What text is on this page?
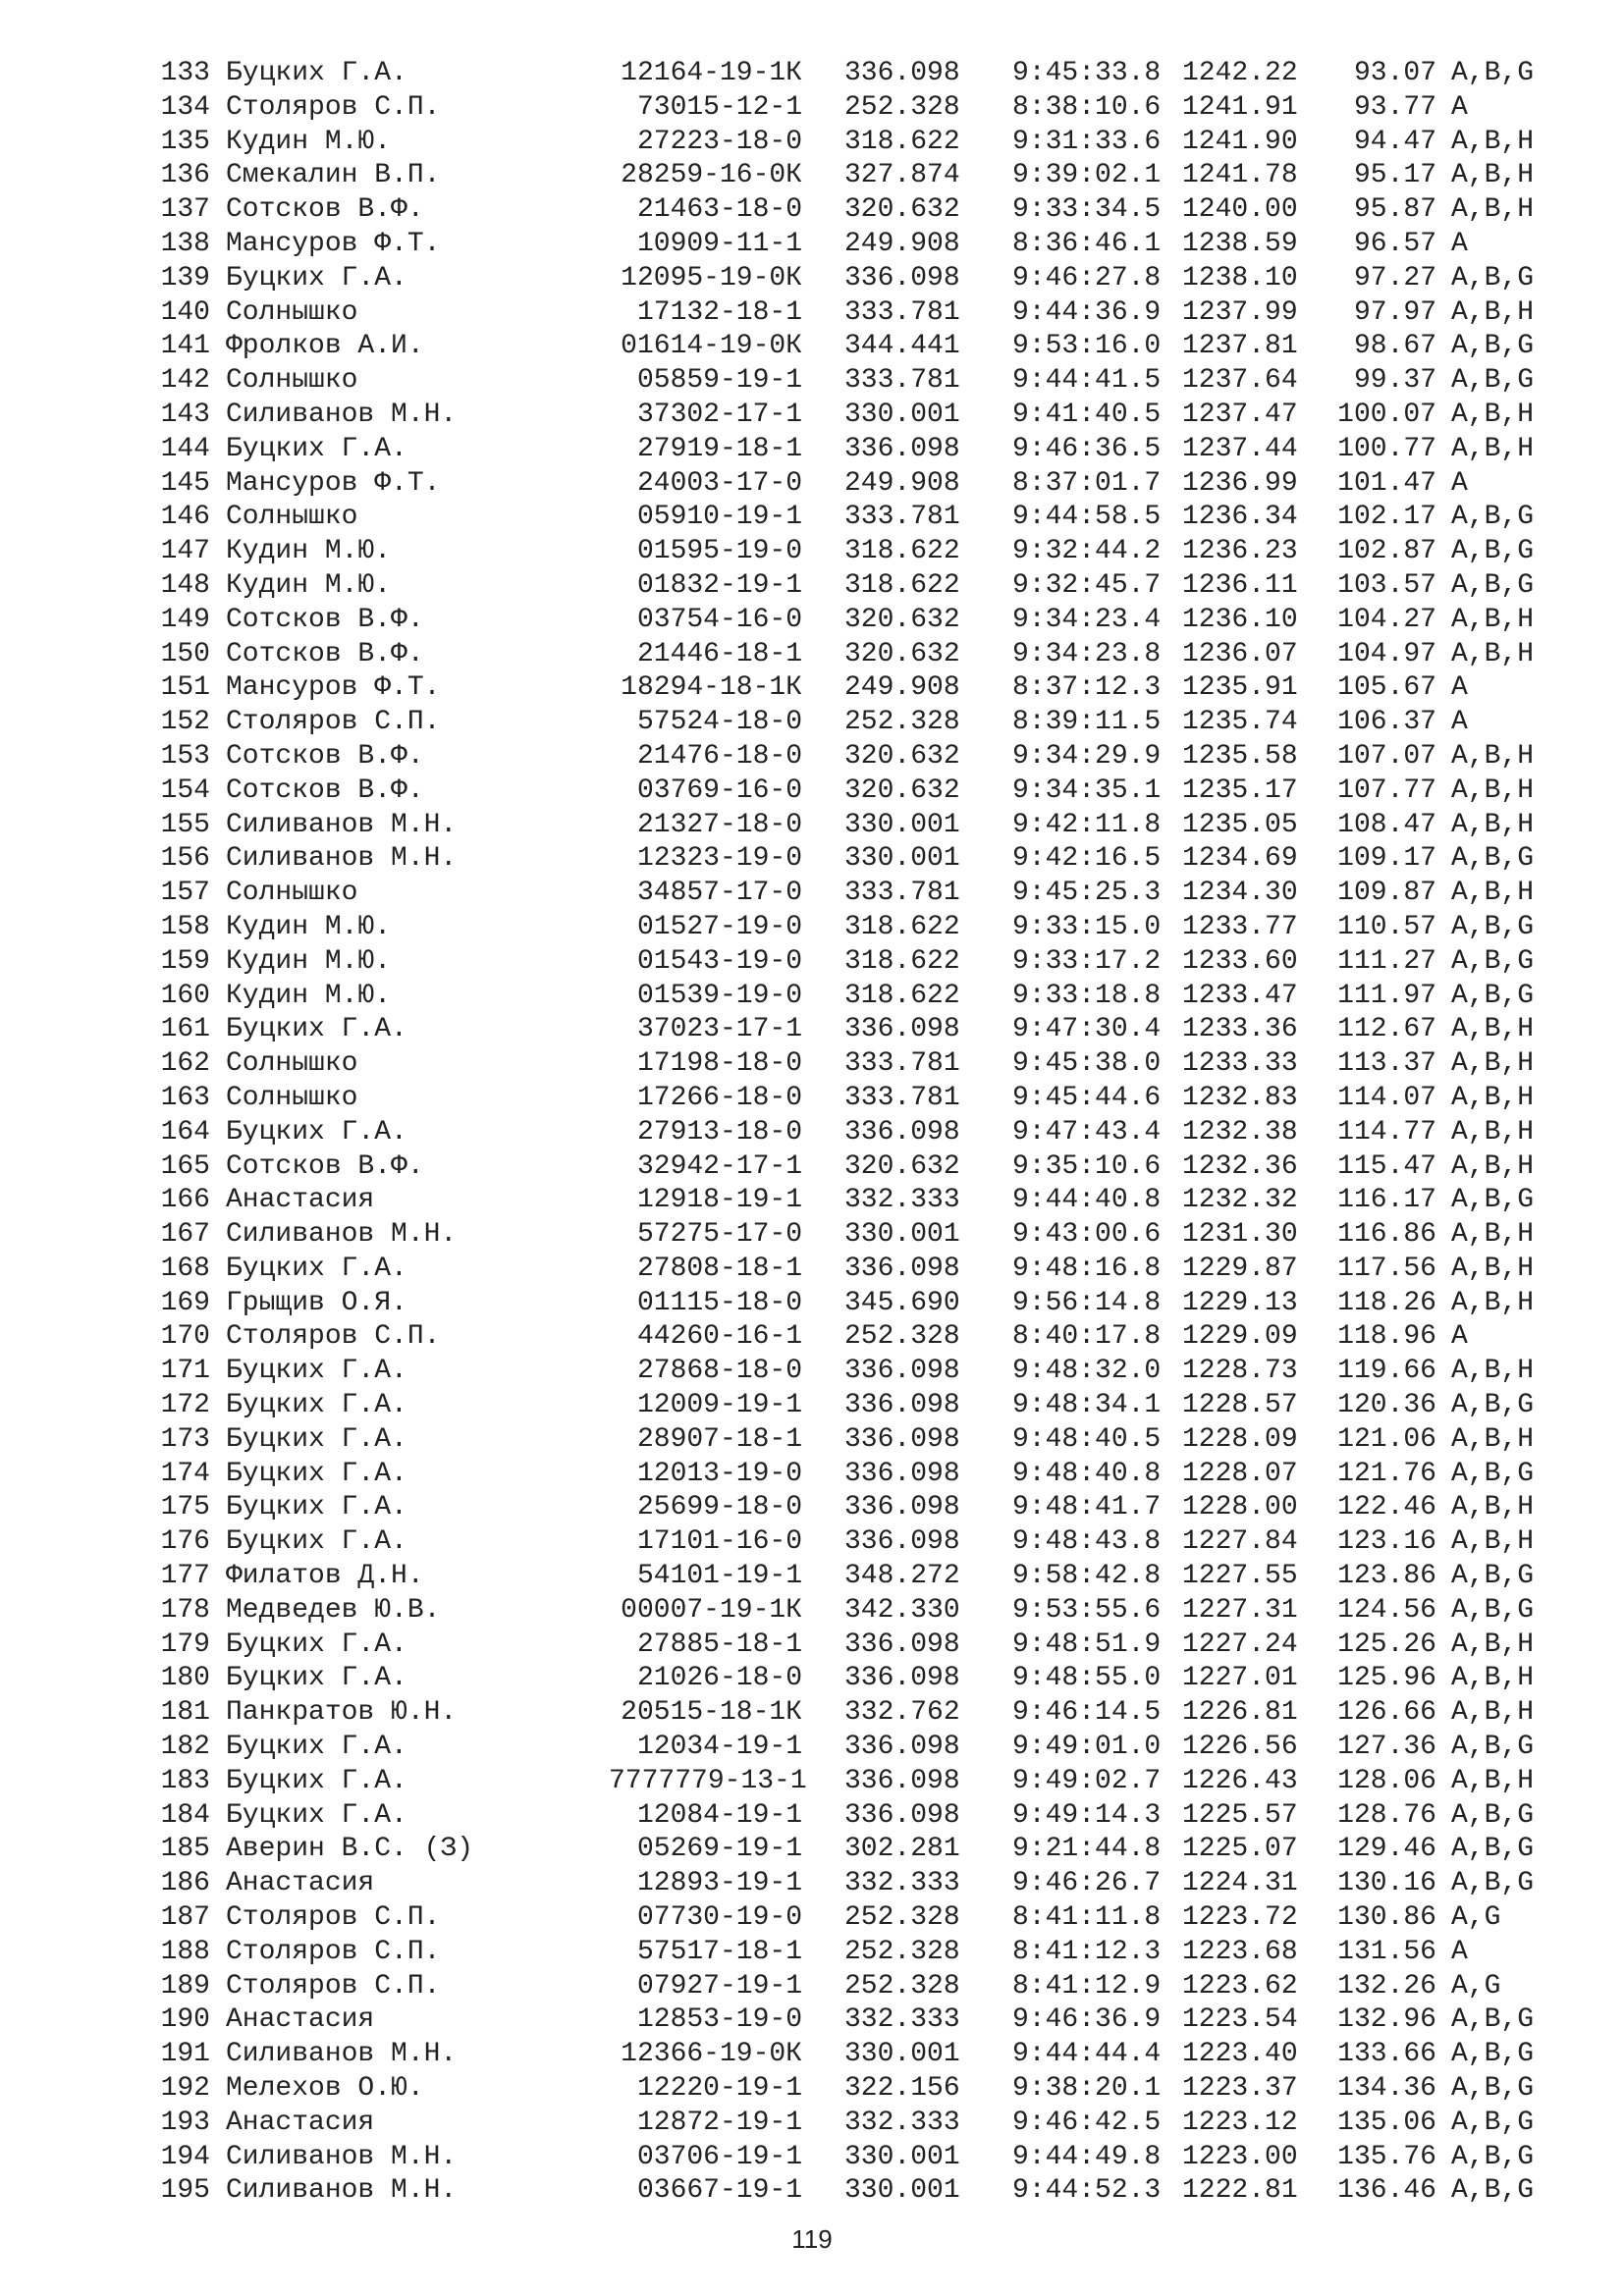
133 Буцких Г.А.	12164-19-1К 336.098 9:45:33.8 1242.22	93.07 A,B,G
134 Столяров С.П.	73015-12-1 252.328 8:38:10.6 1241.91	93.77 A
135 Кудин М.Ю.	27223-18-0 318.622 9:31:33.6 1241.90	94.47 A,B,H
136 Смекалин В.П.	28259-16-0К 327.874 9:39:02.1 1241.78	95.17 A,B,H
137 Сотсков В.Ф.	21463-18-0 320.632 9:33:34.5 1240.00	95.87 A,B,H
138 Мансуров Ф.Т.	10909-11-1 249.908 8:36:46.1 1238.59	96.57 A
139 Буцких Г.А.	12095-19-0К 336.098 9:46:27.8 1238.10	97.27 A,B,G
140 Солнышко	17132-18-1 333.781 9:44:36.9 1237.99	97.97 A,B,H
141 Фролков А.И.	01614-19-0К 344.441 9:53:16.0 1237.81	98.67 A,B,G
142 Солнышко	05859-19-1 333.781 9:44:41.5 1237.64	99.37 A,B,G
143 Силиванов М.Н.	37302-17-1 330.001 9:41:40.5 1237.47 100.07 A,B,H
144 Буцких Г.А.	27919-18-1 336.098 9:46:36.5 1237.44 100.77 A,B,H
145 Мансуров Ф.Т.	24003-17-0 249.908 8:37:01.7 1236.99 101.47 A
146 Солнышко	05910-19-1 333.781 9:44:58.5 1236.34 102.17 A,B,G
147 Кудин М.Ю.	01595-19-0 318.622 9:32:44.2 1236.23 102.87 A,B,G
148 Кудин М.Ю.	01832-19-1 318.622 9:32:45.7 1236.11 103.57 A,B,G
149 Сотсков В.Ф.	03754-16-0 320.632 9:34:23.4 1236.10 104.27 A,B,H
150 Сотсков В.Ф.	21446-18-1 320.632 9:34:23.8 1236.07 104.97 A,B,H
151 Мансуров Ф.Т.	18294-18-1К 249.908 8:37:12.3 1235.91 105.67 A
152 Столяров С.П.	57524-18-0 252.328 8:39:11.5 1235.74 106.37 A
153 Сотсков В.Ф.	21476-18-0 320.632 9:34:29.9 1235.58 107.07 A,B,H
154 Сотсков В.Ф.	03769-16-0 320.632 9:34:35.1 1235.17 107.77 A,B,H
155 Силиванов М.Н.	21327-18-0 330.001 9:42:11.8 1235.05 108.47 A,B,H
156 Силиванов М.Н.	12323-19-0 330.001 9:42:16.5 1234.69 109.17 A,B,G
157 Солнышко	34857-17-0 333.781 9:45:25.3 1234.30 109.87 A,B,H
158 Кудин М.Ю.	01527-19-0 318.622 9:33:15.0 1233.77 110.57 A,B,G
159 Кудин М.Ю.	01543-19-0 318.622 9:33:17.2 1233.60 111.27 A,B,G
160 Кудин М.Ю.	01539-19-0 318.622 9:33:18.8 1233.47 111.97 A,B,G
161 Буцких Г.А.	37023-17-1 336.098 9:47:30.4 1233.36 112.67 A,B,H
162 Солнышко	17198-18-0 333.781 9:45:38.0 1233.33 113.37 A,B,H
163 Солнышко	17266-18-0 333.781 9:45:44.6 1232.83 114.07 A,B,H
164 Буцких Г.А.	27913-18-0 336.098 9:47:43.4 1232.38 114.77 A,B,H
165 Сотсков В.Ф.	32942-17-1 320.632 9:35:10.6 1232.36 115.47 A,B,H
166 Анастасия	12918-19-1 332.333 9:44:40.8 1232.32 116.17 A,B,G
167 Силиванов М.Н.	57275-17-0 330.001 9:43:00.6 1231.30 116.86 A,B,H
168 Буцких Г.А.	27808-18-1 336.098 9:48:16.8 1229.87 117.56 A,B,H
169 Грыщив О.Я.	01115-18-0 345.690 9:56:14.8 1229.13 118.26 A,B,H
170 Столяров С.П.	44260-16-1 252.328 8:40:17.8 1229.09 118.96 A
171 Буцких Г.А.	27868-18-0 336.098 9:48:32.0 1228.73 119.66 A,B,H
172 Буцких Г.А.	12009-19-1 336.098 9:48:34.1 1228.57 120.36 A,B,G
173 Буцких Г.А.	28907-18-1 336.098 9:48:40.5 1228.09 121.06 A,B,H
174 Буцких Г.А.	12013-19-0 336.098 9:48:40.8 1228.07 121.76 A,B,G
175 Буцких Г.А.	25699-18-0 336.098 9:48:41.7 1228.00 122.46 A,B,H
176 Буцких Г.А.	17101-16-0 336.098 9:48:43.8 1227.84 123.16 A,B,H
177 Филатов Д.Н.	54101-19-1 348.272 9:58:42.8 1227.55 123.86 A,B,G
178 Медведев Ю.В.	00007-19-1К 342.330 9:53:55.6 1227.31 124.56 A,B,G
179 Буцких Г.А.	27885-18-1 336.098 9:48:51.9 1227.24 125.26 A,B,H
180 Буцких Г.А.	21026-18-0 336.098 9:48:55.0 1227.01 125.96 A,B,H
181 Панкратов Ю.Н.	20515-18-1К 332.762 9:46:14.5 1226.81 126.66 A,B,H
182 Буцких Г.А.	12034-19-1 336.098 9:49:01.0 1226.56 127.36 A,B,G
183 Буцких Г.А.	7777779-13-1 336.098 9:49:02.7 1226.43 128.06 A,B,H
184 Буцких Г.А.	12084-19-1 336.098 9:49:14.3 1225.57 128.76 A,B,G
185 Аверин В.С. (З)	05269-19-1 302.281 9:21:44.8 1225.07 129.46 A,B,G
186 Анастасия	12893-19-1 332.333 9:46:26.7 1224.31 130.16 A,B,G
187 Столяров С.П.	07730-19-0 252.328 8:41:11.8 1223.72 130.86 A,G
188 Столяров С.П.	57517-18-1 252.328 8:41:12.3 1223.68 131.56 A
189 Столяров С.П.	07927-19-1 252.328 8:41:12.9 1223.62 132.26 A,G
190 Анастасия	12853-19-0 332.333 9:46:36.9 1223.54 132.96 A,B,G
191 Силиванов М.Н.	12366-19-0К 330.001 9:44:44.4 1223.40 133.66 A,B,G
192 Мелехов О.Ю.	12220-19-1 322.156 9:38:20.1 1223.37 134.36 A,B,G
193 Анастасия	12872-19-1 332.333 9:46:42.5 1223.12 135.06 A,B,G
194 Силиванов М.Н.	03706-19-1 330.001 9:44:49.8 1223.00 135.76 A,B,G
195 Силиванов М.Н.	03667-19-1 330.001 9:44:52.3 1222.81 136.46 A,B,G
119
